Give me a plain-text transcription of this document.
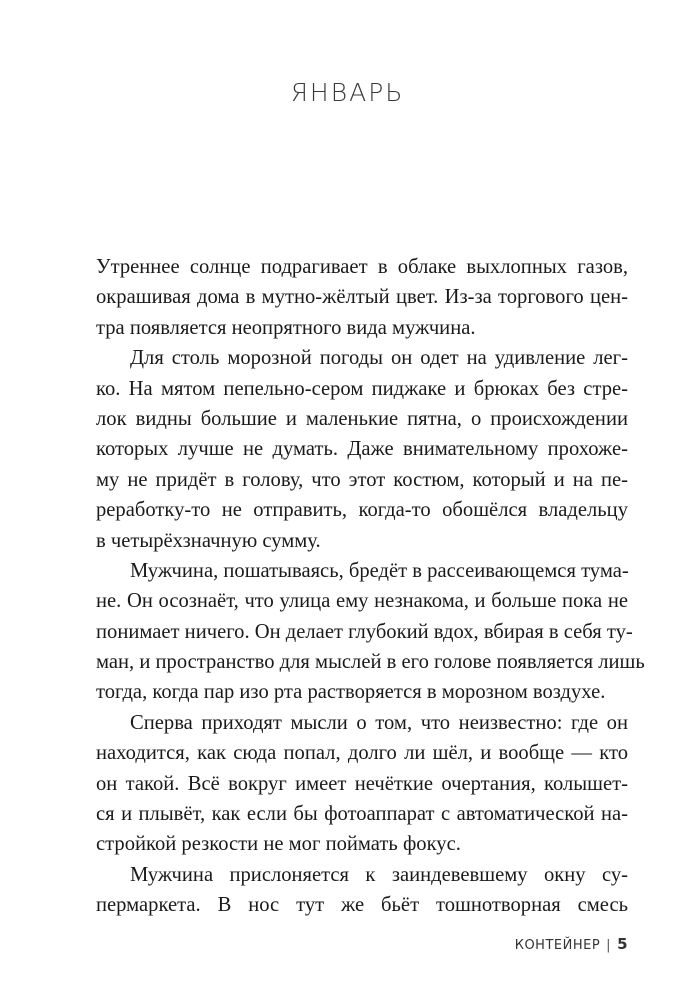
ЯНВАРЬ
Утреннее солнце подрагивает в облаке выхлопных газов,
окрашивая дома в мутно-жёлтый цвет. Из-за торгового цен-
тра появляется неопрятного вида мужчина.
Для столь морозной погоды он одет на удивление лег-
ко. На мятом пепельно-сером пиджаке и брюках без стре-
лок видны большие и маленькие пятна, о происхождении
которых лучше не думать. Даже внимательному прохоже-
му не придёт в голову, что этот костюм, который и на пе-
реработку-то не отправить, когда-то обошёлся владельцу
в четырёхзначную сумму.
Мужчина, пошатываясь, бредёт в рассеивающемся тума-
не. Он осознаёт, что улица ему незнакома, и больше пока не
понимает ничего. Он делает глубокий вдох, вбирая в себя ту-
ман, и пространство для мыслей в его голове появляется лишь
тогда, когда пар изо рта растворяется в морозном воздухе.
Сперва приходят мысли о том, что неизвестно: где он
находится, как сюда попал, долго ли шёл, и вообще — кто
он такой. Всё вокруг имеет нечёткие очертания, колышет-
ся и плывёт, как если бы фотоаппарат с автоматической на-
стройкой резкости не мог поймать фокус.
Мужчина прислоняется к заиндевевшему окну су-
пермаркета. В нос тут же бьёт тошнотворная смесь
КОНТЕЙНЕР | 5
